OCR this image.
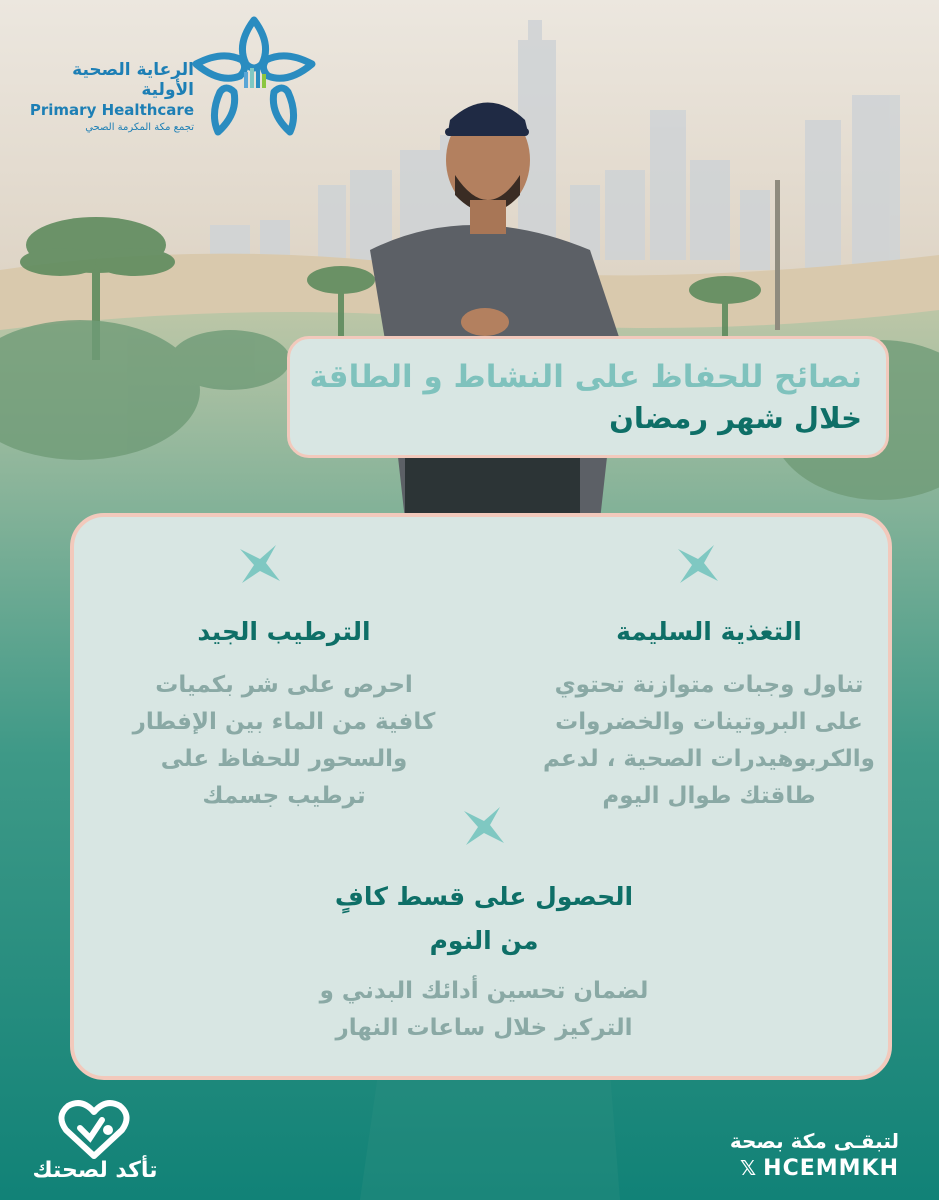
الرعاية الصحية الأولية
Primary Healthcare
تجمع مكة المكرمة الصحي
نصائح للحفاظ على النشاط و الطاقة
خلال شهر رمضان
التغذية السليمة
تناول وجبات متوازنة تحتوي
على البروتينات والخضروات
والكربوهيدرات الصحية ، لدعم
طاقتك طوال اليوم
الترطيب الجيد
احرص على شر بكميات
كافية من الماء بين الإفطار
والسحور للحفاظ على
ترطيب جسمك
الحصول على قسط كافٍ
من النوم
لضمان تحسين أدائك البدني و
التركيز خلال ساعات النهار
تأكد لصحتك
لتبقـى مكة بصحة
𝕏 HCEMMKH
